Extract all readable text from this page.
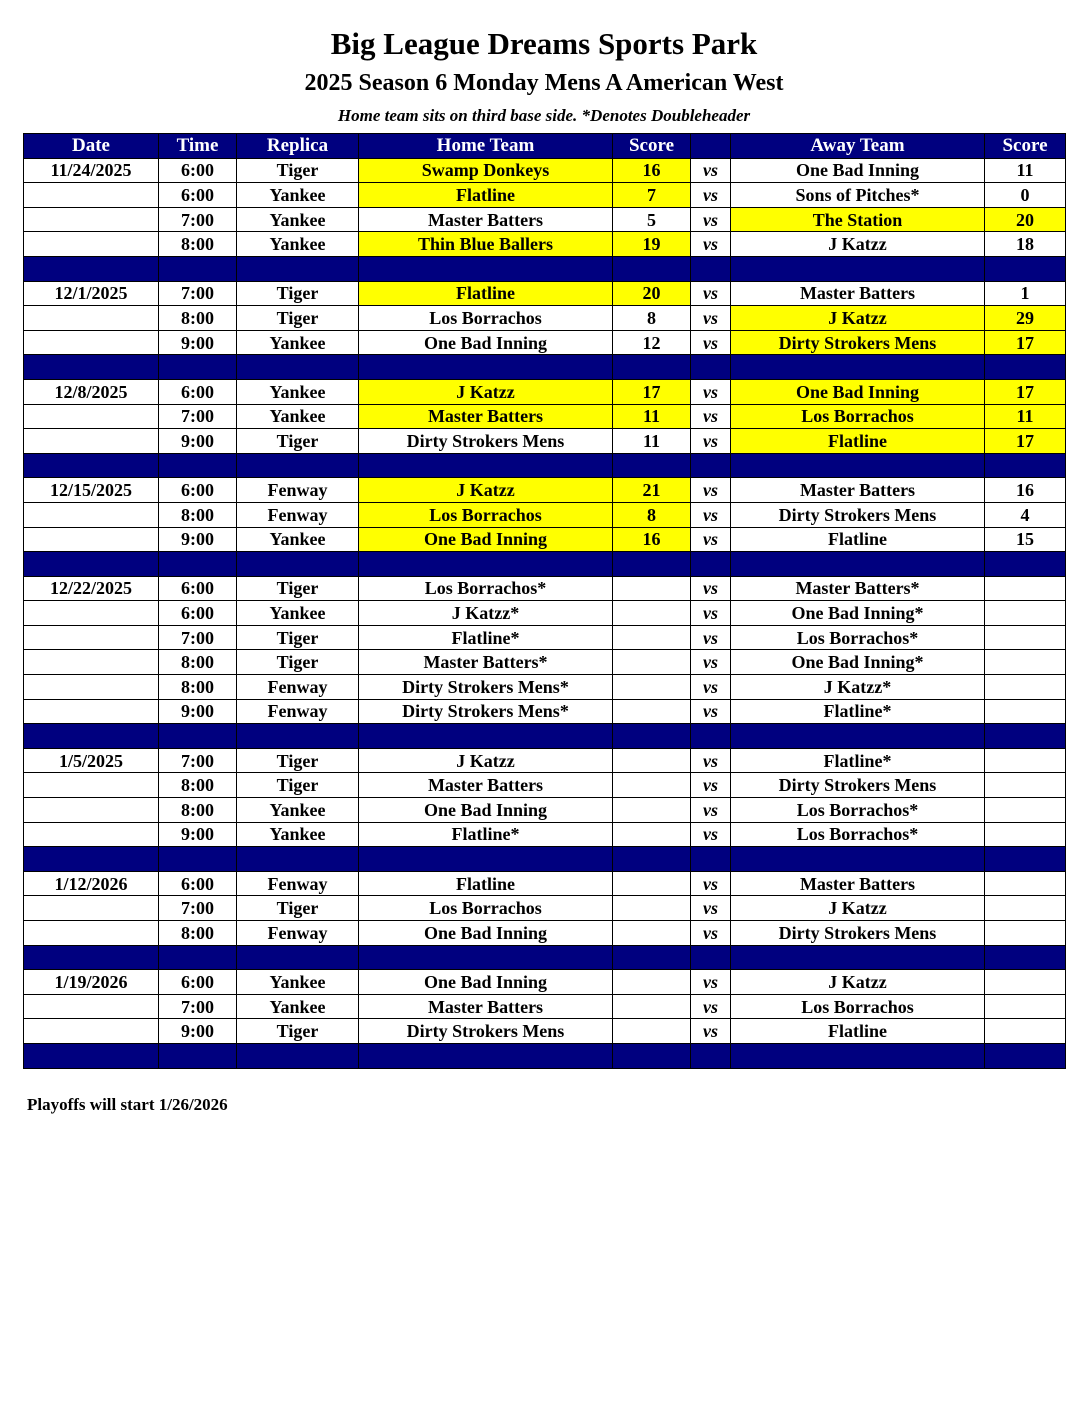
Big League Dreams Sports Park
2025 Season 6 Monday Mens A American West
Home team sits on third base side. *Denotes Doubleheader
Date	Time	Replica	Home Team	Score		Away Team	Score
11/24/2025	6:00	Tiger	Swamp Donkeys	16	vs	One Bad Inning	11
	6:00	Yankee	Flatline	7	vs	Sons of Pitches*	0
	7:00	Yankee	Master Batters	5	vs	The Station	20
	8:00	Yankee	Thin Blue Ballers	19	vs	J Katzz	18

12/1/2025	7:00	Tiger	Flatline	20	vs	Master Batters	1
	8:00	Tiger	Los Borrachos	8	vs	J Katzz	29
	9:00	Yankee	One Bad Inning	12	vs	Dirty Strokers Mens	17

12/8/2025	6:00	Yankee	J Katzz	17	vs	One Bad Inning	17
	7:00	Yankee	Master Batters	11	vs	Los Borrachos	11
	9:00	Tiger	Dirty Strokers Mens	11	vs	Flatline	17

12/15/2025	6:00	Fenway	J Katzz	21	vs	Master Batters	16
	8:00	Fenway	Los Borrachos	8	vs	Dirty Strokers Mens	4
	9:00	Yankee	One Bad Inning	16	vs	Flatline	15

12/22/2025	6:00	Tiger	Los Borrachos*		vs	Master Batters*	
	6:00	Yankee	J Katzz*		vs	One Bad Inning*	
	7:00	Tiger	Flatline*		vs	Los Borrachos*	
	8:00	Tiger	Master Batters*		vs	One Bad Inning*	
	8:00	Fenway	Dirty Strokers Mens*		vs	J Katzz*	
	9:00	Fenway	Dirty Strokers Mens*		vs	Flatline*	

1/5/2025	7:00	Tiger	J Katzz		vs	Flatline*	
	8:00	Tiger	Master Batters		vs	Dirty Strokers Mens	
	8:00	Yankee	One Bad Inning		vs	Los Borrachos*	
	9:00	Yankee	Flatline*		vs	Los Borrachos*	

1/12/2026	6:00	Fenway	Flatline		vs	Master Batters	
	7:00	Tiger	Los Borrachos		vs	J Katzz	
	8:00	Fenway	One Bad Inning		vs	Dirty Strokers Mens	

1/19/2026	6:00	Yankee	One Bad Inning		vs	J Katzz	
	7:00	Yankee	Master Batters		vs	Los Borrachos	
	9:00	Tiger	Dirty Strokers Mens		vs	Flatline	

Playoffs will start 1/26/2026
